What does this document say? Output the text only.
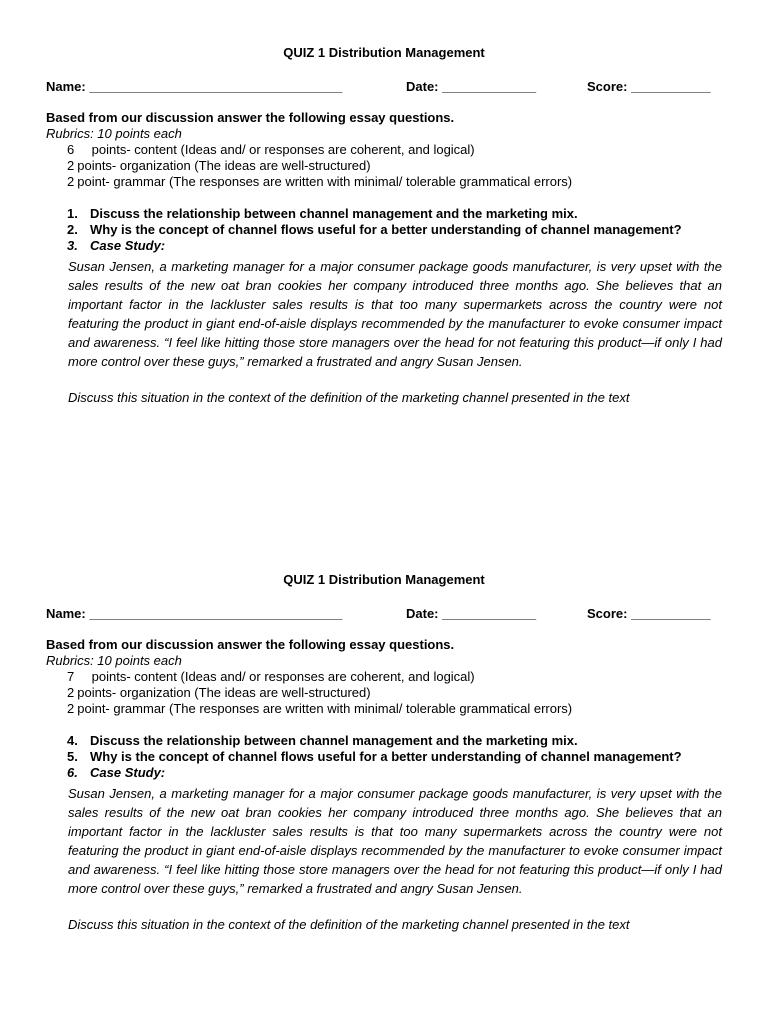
QUIZ 1 Distribution Management
Name: ___________________________________	Date: _____________	Score: ___________
Based from our discussion answer the following essay questions.
Rubrics: 10 points each
6 points- content (Ideas and/ or responses are coherent, and logical)
2 points- organization (The ideas are well-structured)
2 point- grammar (The responses are written with minimal/ tolerable grammatical errors)
1. Discuss the relationship between channel management and the marketing mix.
2. Why is the concept of channel flows useful for a better understanding of channel management?
3. Case Study:
Susan Jensen, a marketing manager for a major consumer package goods manufacturer, is very upset with the sales results of the new oat bran cookies her company introduced three months ago. She believes that an important factor in the lackluster sales results is that too many supermarkets across the country were not featuring the product in giant end-of-aisle displays recommended by the manufacturer to evoke consumer impact and awareness. “I feel like hitting those store managers over the head for not featuring this product—if only I had more control over these guys,” remarked a frustrated and angry Susan Jensen.
Discuss this situation in the context of the definition of the marketing channel presented in the text
QUIZ 1 Distribution Management
Name: ___________________________________	Date: _____________	Score: ___________
Based from our discussion answer the following essay questions.
Rubrics: 10 points each
7 points- content (Ideas and/ or responses are coherent, and logical)
2 points- organization (The ideas are well-structured)
2 point- grammar (The responses are written with minimal/ tolerable grammatical errors)
4. Discuss the relationship between channel management and the marketing mix.
5. Why is the concept of channel flows useful for a better understanding of channel management?
6. Case Study:
Susan Jensen, a marketing manager for a major consumer package goods manufacturer, is very upset with the sales results of the new oat bran cookies her company introduced three months ago. She believes that an important factor in the lackluster sales results is that too many supermarkets across the country were not featuring the product in giant end-of-aisle displays recommended by the manufacturer to evoke consumer impact and awareness. “I feel like hitting those store managers over the head for not featuring this product—if only I had more control over these guys,” remarked a frustrated and angry Susan Jensen.
Discuss this situation in the context of the definition of the marketing channel presented in the text
